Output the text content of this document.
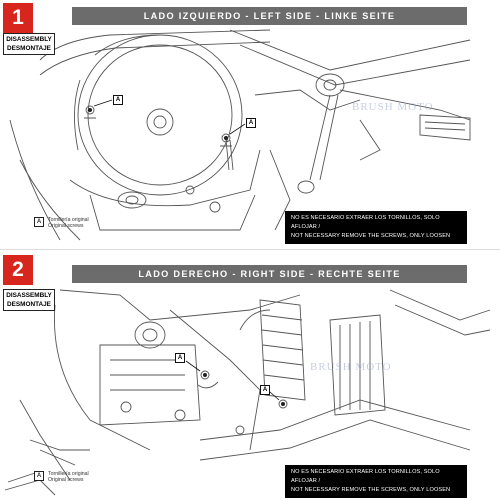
A
A
BRUSH MOTO
1	LADO IZQUIERDO - LEFT SIDE - LINKE SEITE
DISASSEMBLY
DESMONTAJE
A	Tornillería original
Original screws
NO ES NECESARIO EXTRAER LOS TORNILLOS, SOLO AFLOJAR /
NOT NECESSARY REMOVE THE SCREWS, ONLY LOOSEN
A
A
BRUSH MOTO
2	LADO DERECHO - RIGHT SIDE - RECHTE SEITE
DISASSEMBLY
DESMONTAJE
A	Tornillería original
Original screws
NO ES NECESARIO EXTRAER LOS TORNILLOS, SOLO AFLOJAR /
NOT NECESSARY REMOVE THE SCREWS, ONLY LOOSEN
